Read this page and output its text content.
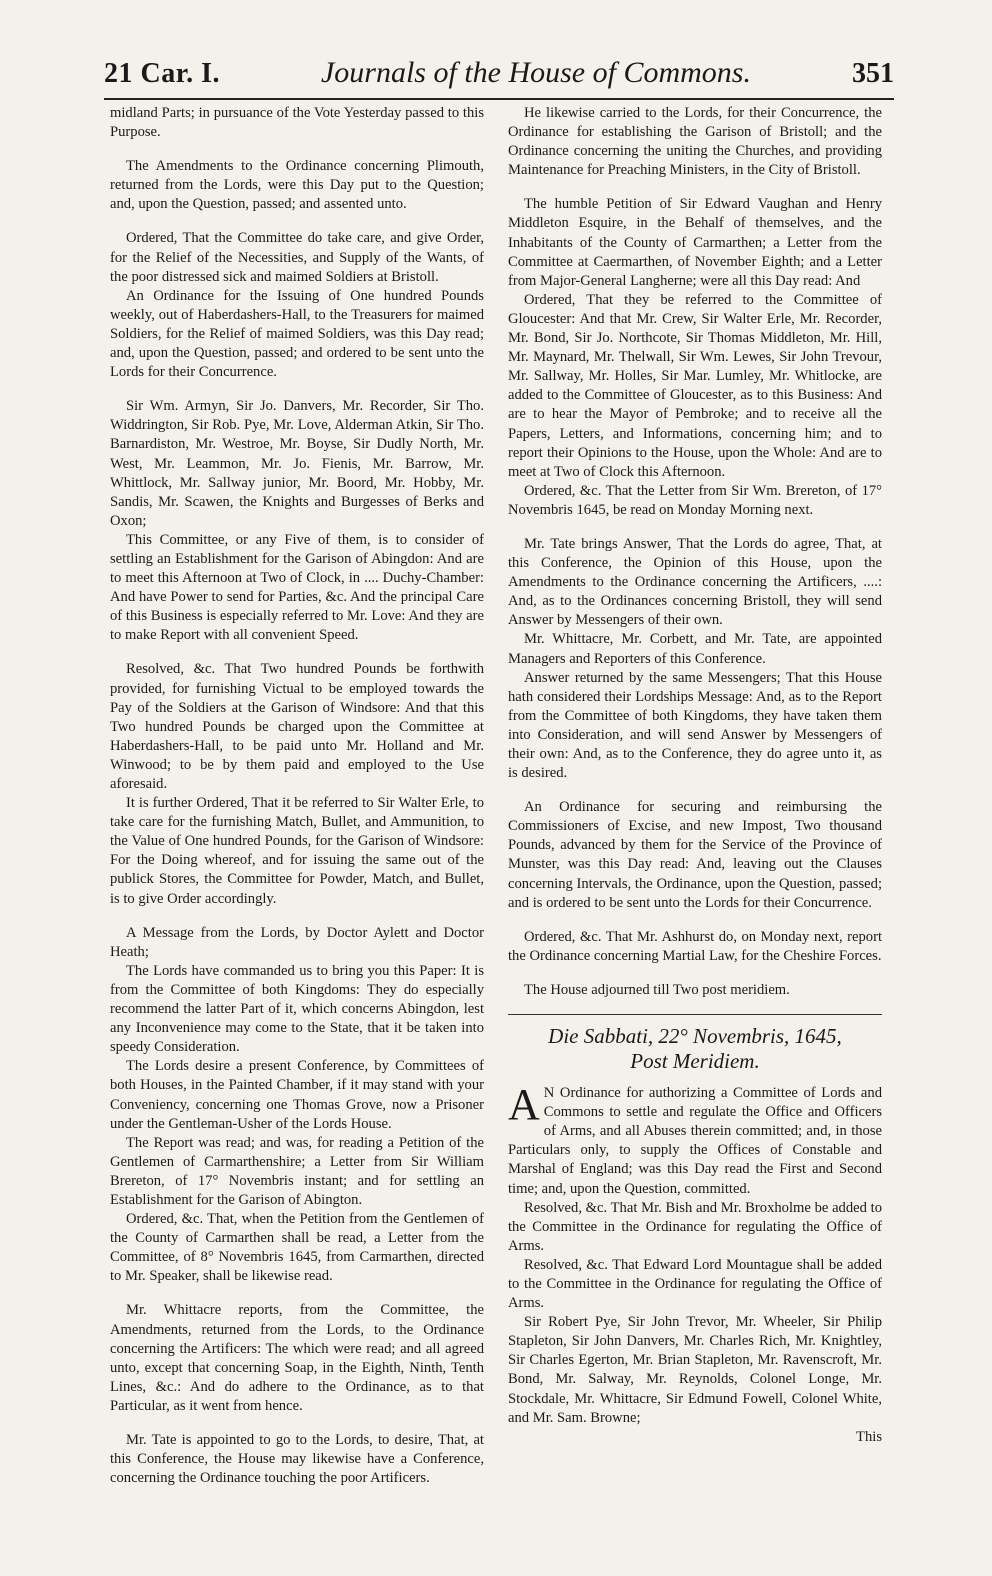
21 Car. I.	Journals of the House of Commons.	351

midland Parts; in pursuance of the Vote Yesterday passed to this Purpose.

The Amendments to the Ordinance concerning Plimouth, returned from the Lords, were this Day put to the Question; and, upon the Question, passed; and assented unto.

Ordered, That the Committee do take care, and give Order, for the Relief of the Necessities, and Supply of the Wants, of the poor distressed sick and maimed Soldiers at Bristoll.

An Ordinance for the Issuing of One hundred Pounds weekly, out of Haberdashers-Hall, to the Treasurers for maimed Soldiers, for the Relief of maimed Soldiers, was this Day read; and, upon the Question, passed; and ordered to be sent unto the Lords for their Concurrence.

Sir Wm. Armyn, Sir Jo. Danvers, Mr. Recorder, Sir Tho. Widdrington, Sir Rob. Pye, Mr. Love, Alderman Atkin, Sir Tho. Barnardiston, Mr. Westroe, Mr. Boyse, Sir Dudly North, Mr. West, Mr. Leammon, Mr. Jo. Fienis, Mr. Barrow, Mr. Whittlock, Mr. Sallway junior, Mr. Boord, Mr. Hobby, Mr. Sandis, Mr. Scawen, the Knights and Burgesses of Berks and Oxon;

This Committee, or any Five of them, is to consider of settling an Establishment for the Garison of Abingdon: And are to meet this Afternoon at Two of Clock, in .... Duchy-Chamber: And have Power to send for Parties, &c. And the principal Care of this Business is especially referred to Mr. Love: And they are to make Report with all convenient Speed.

Resolved, &c. That Two hundred Pounds be forthwith provided, for furnishing Victual to be employed towards the Pay of the Soldiers at the Garison of Windsore: And that this Two hundred Pounds be charged upon the Committee at Haberdashers-Hall, to be paid unto Mr. Holland and Mr. Winwood; to be by them paid and employed to the Use aforesaid.

It is further Ordered, That it be referred to Sir Walter Erle, to take care for the furnishing Match, Bullet, and Ammunition, to the Value of One hundred Pounds, for the Garison of Windsore: For the Doing whereof, and for issuing the same out of the publick Stores, the Committee for Powder, Match, and Bullet, is to give Order accordingly.

A Message from the Lords, by Doctor Aylett and Doctor Heath;

The Lords have commanded us to bring you this Paper: It is from the Committee of both Kingdoms: They do especially recommend the latter Part of it, which concerns Abingdon, lest any Inconvenience may come to the State, that it be taken into speedy Consideration.

The Lords desire a present Conference, by Committees of both Houses, in the Painted Chamber, if it may stand with your Conveniency, concerning one Thomas Grove, now a Prisoner under the Gentleman-Usher of the Lords House.

The Report was read; and was, for reading a Petition of the Gentlemen of Carmarthenshire; a Letter from Sir William Brereton, of 17° Novembris instant; and for settling an Establishment for the Garison of Abington.

Ordered, &c. That, when the Petition from the Gentlemen of the County of Carmarthen shall be read, a Letter from the Committee, of 8° Novembris 1645, from Carmarthen, directed to Mr. Speaker, shall be likewise read.

Mr. Whittacre reports, from the Committee, the Amendments, returned from the Lords, to the Ordinance concerning the Artificers: The which were read; and all agreed unto, except that concerning Soap, in the Eighth, Ninth, Tenth Lines, &c.: And do adhere to the Ordinance, as to that Particular, as it went from hence.

Mr. Tate is appointed to go to the Lords, to desire, That, at this Conference, the House may likewise have a Conference, concerning the Ordinance touching the poor Artificers.

He likewise carried to the Lords, for their Concurrence, the Ordinance for establishing the Garison of Bristoll; and the Ordinance concerning the uniting the Churches, and providing Maintenance for Preaching Ministers, in the City of Bristoll.

The humble Petition of Sir Edward Vaughan and Henry Middleton Esquire, in the Behalf of themselves, and the Inhabitants of the County of Carmarthen; a Letter from the Committee at Caermarthen, of November Eighth; and a Letter from Major-General Langherne; were all this Day read: And

Ordered, That they be referred to the Committee of Gloucester: And that Mr. Crew, Sir Walter Erle, Mr. Recorder, Mr. Bond, Sir Jo. Northcote, Sir Thomas Middleton, Mr. Hill, Mr. Maynard, Mr. Thelwall, Sir Wm. Lewes, Sir John Trevour, Mr. Sallway, Mr. Holles, Sir Mar. Lumley, Mr. Whitlocke, are added to the Committee of Gloucester, as to this Business: And are to hear the Mayor of Pembroke; and to receive all the Papers, Letters, and Informations, concerning him; and to report their Opinions to the House, upon the Whole: And are to meet at Two of Clock this Afternoon.

Ordered, &c. That the Letter from Sir Wm. Brereton, of 17° Novembris 1645, be read on Monday Morning next.

Mr. Tate brings Answer, That the Lords do agree, That, at this Conference, the Opinion of this House, upon the Amendments to the Ordinance concerning the Artificers, ....: And, as to the Ordinances concerning Bristoll, they will send Answer by Messengers of their own.

Mr. Whittacre, Mr. Corbett, and Mr. Tate, are appointed Managers and Reporters of this Conference.

Answer returned by the same Messengers; That this House hath considered their Lordships Message: And, as to the Report from the Committee of both Kingdoms, they have taken them into Consideration, and will send Answer by Messengers of their own: And, as to the Conference, they do agree unto it, as is desired.

An Ordinance for securing and reimbursing the Commissioners of Excise, and new Impost, Two thousand Pounds, advanced by them for the Service of the Province of Munster, was this Day read: And, leaving out the Clauses concerning Intervals, the Ordinance, upon the Question, passed; and is ordered to be sent unto the Lords for their Concurrence.

Ordered, &c. That Mr. Ashhurst do, on Monday next, report the Ordinance concerning Martial Law, for the Cheshire Forces.

The House adjourned till Two post meridiem.

Die Sabbati, 22° Novembris, 1645,
Post Meridiem.

A N Ordinance for authorizing a Committee of Lords and Commons to settle and regulate the Office and Officers of Arms, and all Abuses therein committed; and, in those Particulars only, to supply the Offices of Constable and Marshal of England; was this Day read the First and Second time; and, upon the Question, committed.

Resolved, &c. That Mr. Bish and Mr. Broxholme be added to the Committee in the Ordinance for regulating the Office of Arms.

Resolved, &c. That Edward Lord Mountague shall be added to the Committee in the Ordinance for regulating the Office of Arms.

Sir Robert Pye, Sir John Trevor, Mr. Wheeler, Sir Philip Stapleton, Sir John Danvers, Mr. Charles Rich, Mr. Knightley, Sir Charles Egerton, Mr. Brian Stapleton, Mr. Ravenscroft, Mr. Bond, Mr. Salway, Mr. Reynolds, Colonel Longe, Mr. Stockdale, Mr. Whittacre, Sir Edmund Fowell, Colonel White, and Mr. Sam. Browne;

This
